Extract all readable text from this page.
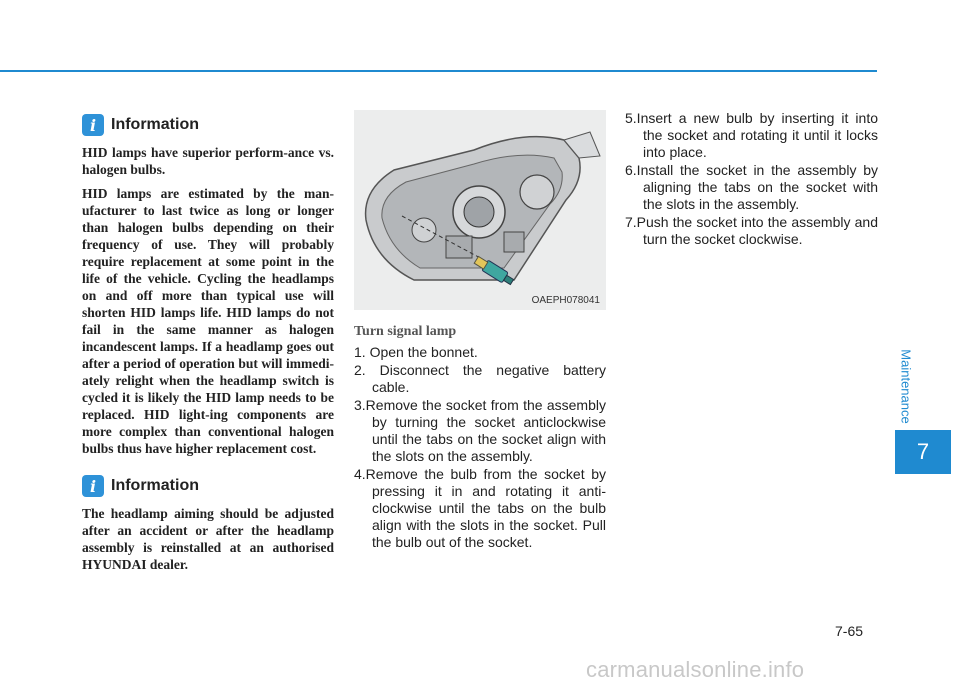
i Information

HID lamps have superior perform-ance vs. halogen bulbs.

HID lamps are estimated by the man-ufacturer to last twice as long or longer than halogen bulbs depending on their frequency of use. They will probably require replacement at some point in the life of the vehicle. Cycling the headlamps on and off more than typical use will shorten HID lamps life. HID lamps do not fail in the same manner as halogen incandescent lamps. If a headlamp goes out after a period of operation but will immedi-ately relight when the headlamp switch is cycled it is likely the HID lamp needs to be replaced. HID light-ing components are more complex than conventional halogen bulbs thus have higher replacement cost.

i Information

The headlamp aiming should be adjusted after an accident or after the headlamp assembly is reinstalled at an authorised HYUNDAI dealer.

OAEPH078041
Turn signal lamp
1. Open the bonnet.
2. Disconnect the negative battery cable.
3.Remove the socket from the assembly by turning the socket anticlockwise until the tabs on the socket align with the slots on the assembly.
4.Remove the bulb from the socket by pressing it in and rotating it anti-clockwise until the tabs on the bulb align with the slots in the socket. Pull the bulb out of the socket.
5.Insert a new bulb by inserting it into the socket and rotating it until it locks into place.
6.Install the socket in the assembly by aligning the tabs on the socket with the slots in the assembly.
7.Push the socket into the assembly and turn the socket clockwise.
Maintenance
7
7-65
carmanualsonline.info
